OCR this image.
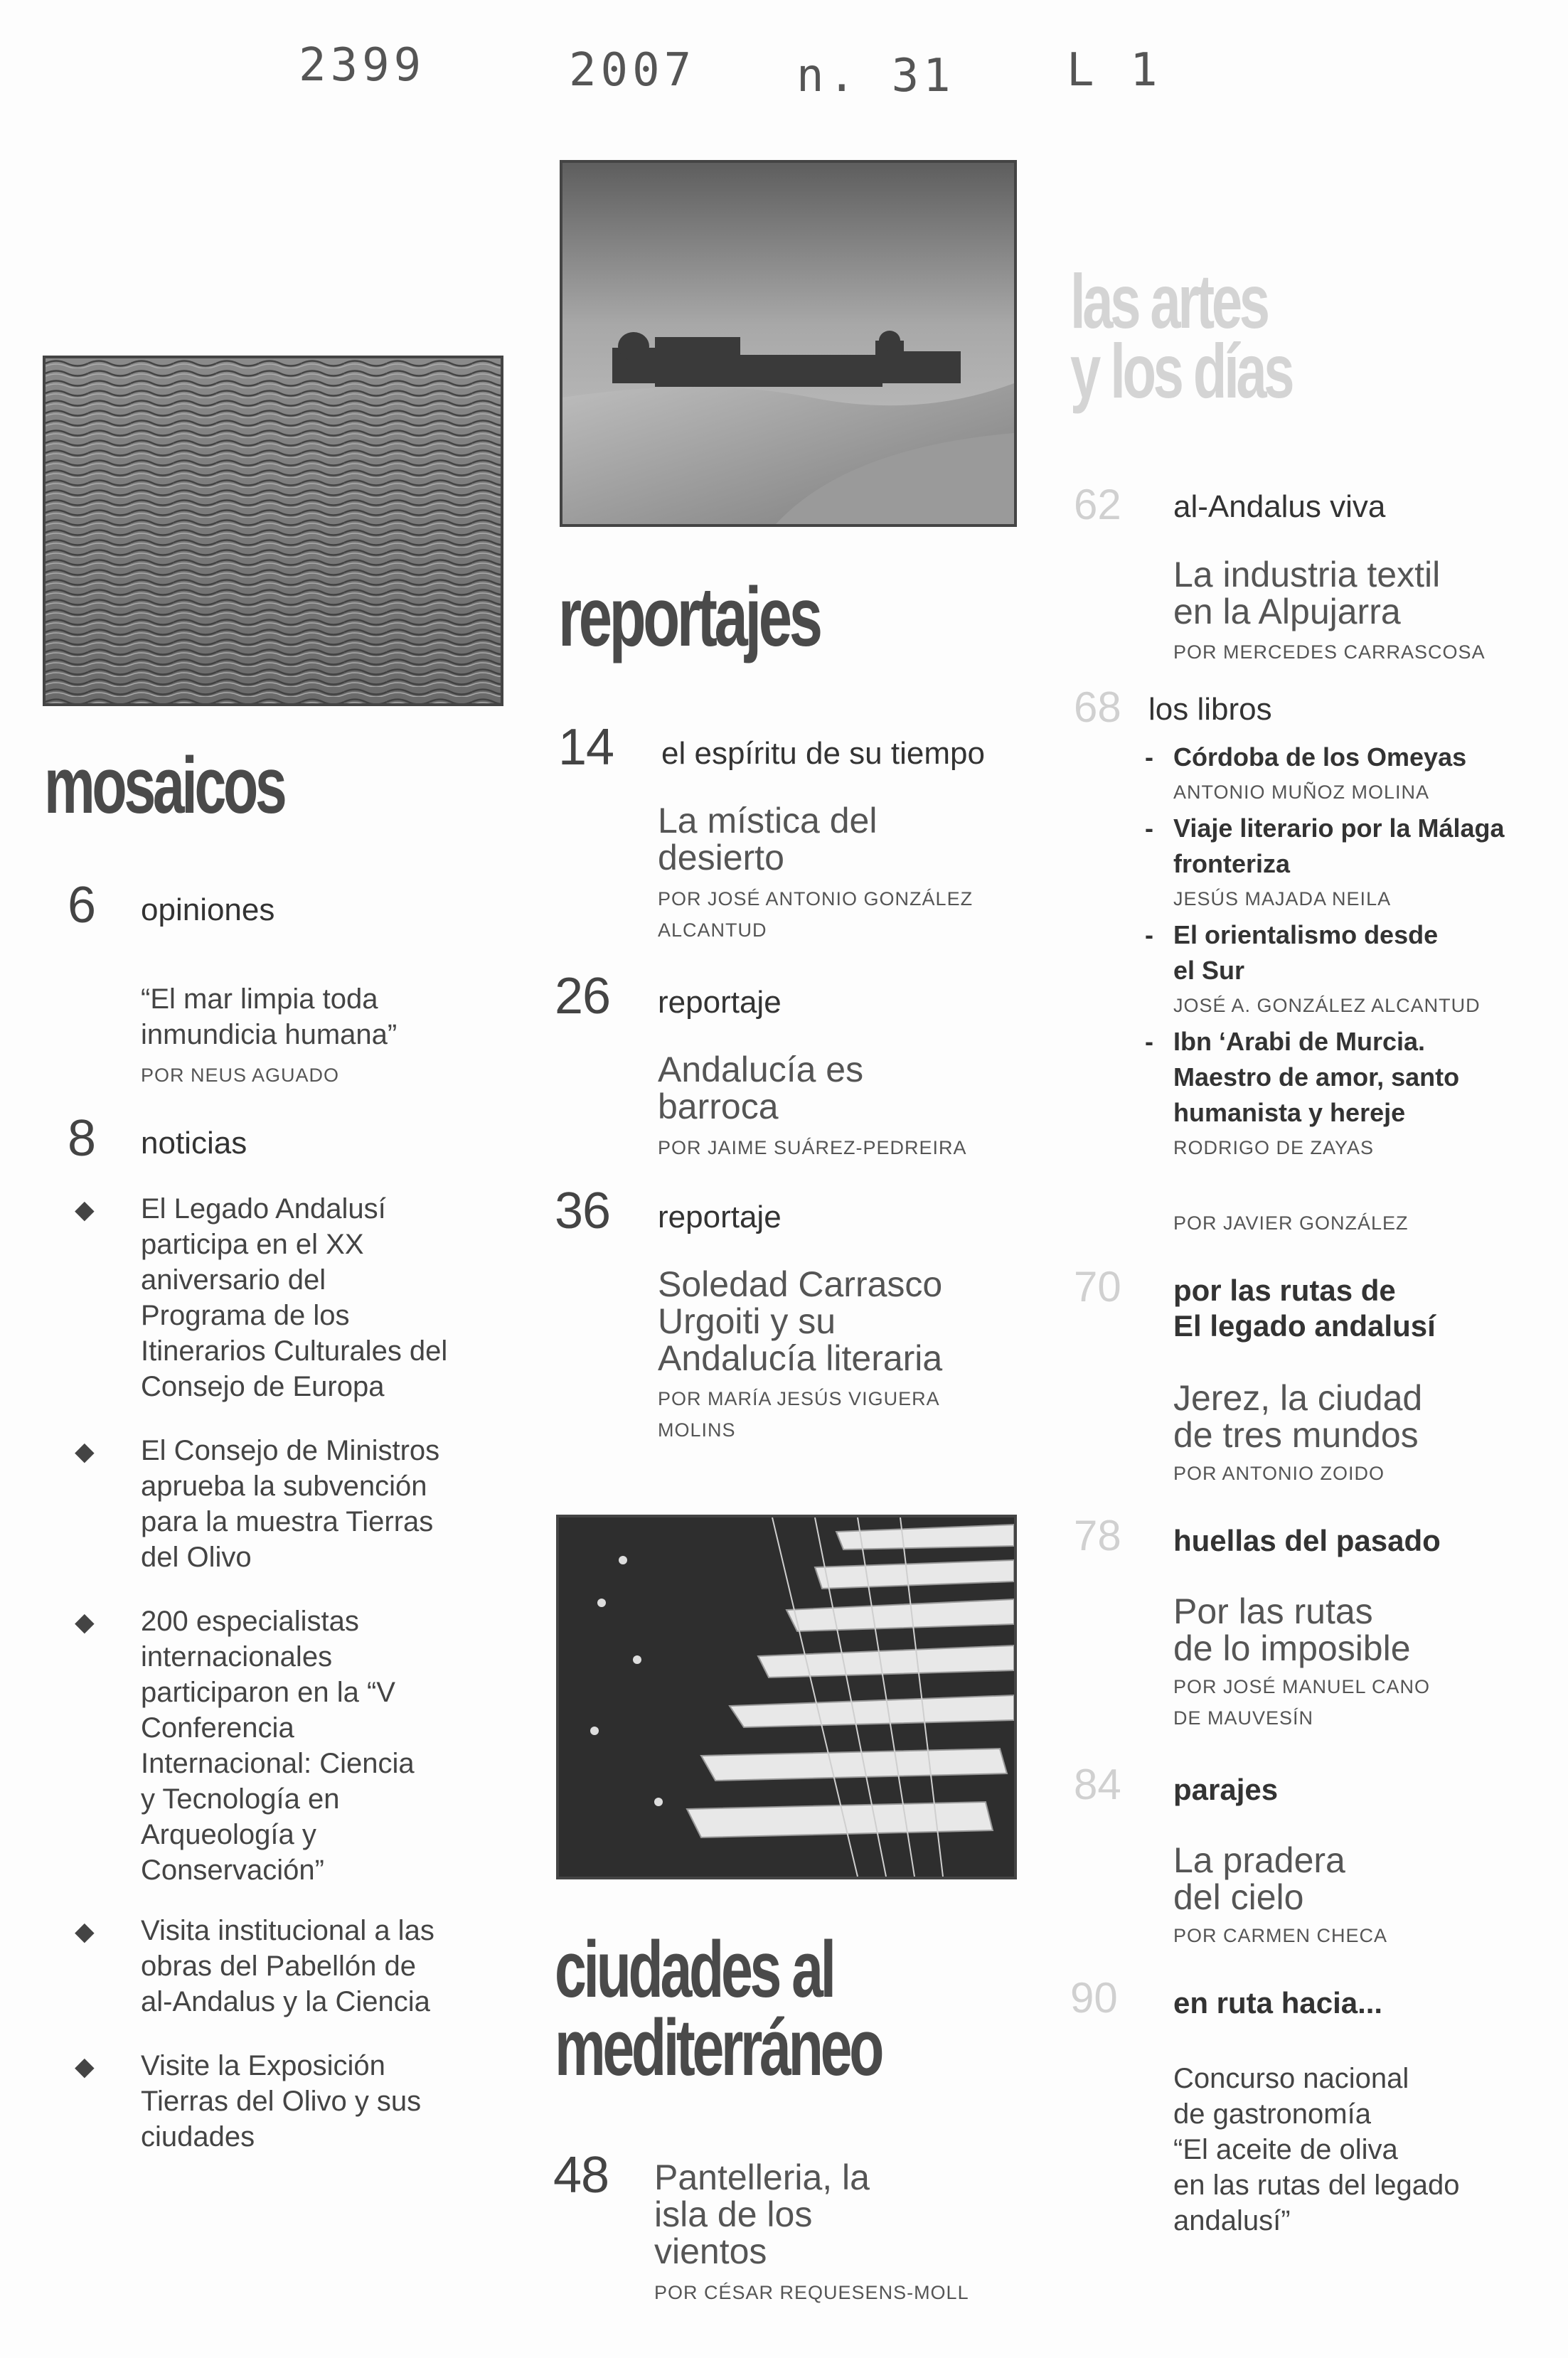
2399	2007 n. 31 L 1
mosaicos
reportajes
ciudades al
mediterráneo
las artes
y los días
6 opiniones
“El mar limpia toda
inmundicia humana”
POR NEUS AGUADO
8 noticias
◆ El Legado Andalusí
participa en el XX
aniversario del
Programa de los
Itinerarios Culturales del
Consejo de Europa
◆ El Consejo de Ministros
aprueba la subvención
para la muestra Tierras
del Olivo
◆ 200 especialistas
internacionales
participaron en la “V
Conferencia
Internacional: Ciencia
y Tecnología en
Arqueología y
Conservación”
◆ Visita institucional a las
obras del Pabellón de
al-Andalus y la Ciencia
◆ Visite la Exposición
Tierras del Olivo y sus
ciudades
14 el espíritu de su tiempo
La mística del
desierto
POR JOSÉ ANTONIO GONZÁLEZ
ALCANTUD
26 reportaje
Andalucía es
barroca
POR JAIME SUÁREZ-PEDREIRA
36 reportaje
Soledad Carrasco
Urgoiti y su
Andalucía literaria
POR MARÍA JESÚS VIGUERA
MOLINS
48 Pantelleria, la
isla de los
vientos
POR CÉSAR REQUESENS-MOLL
62 al-Andalus viva
La industria textil
en la Alpujarra
POR MERCEDES CARRASCOSA
68 los libros
- Córdoba de los Omeyas
ANTONIO MUÑOZ MOLINA
- Viaje literario por la Málaga
fronteriza
JESÚS MAJADA NEILA
- El orientalismo desde
el Sur
JOSÉ A. GONZÁLEZ ALCANTUD
- Ibn ‘Arabi de Murcia.
Maestro de amor, santo
humanista y hereje
RODRIGO DE ZAYAS
POR JAVIER GONZÁLEZ
70 por las rutas de
El legado andalusí
Jerez, la ciudad
de tres mundos
POR ANTONIO ZOIDO
78 huellas del pasado
Por las rutas
de lo imposible
POR JOSÉ MANUEL CANO
DE MAUVESÍN
84 parajes
La pradera
del cielo
POR CARMEN CHECA
90 en ruta hacia...
Concurso nacional
de gastronomía
“El aceite de oliva
en las rutas del legado
andalusí”
